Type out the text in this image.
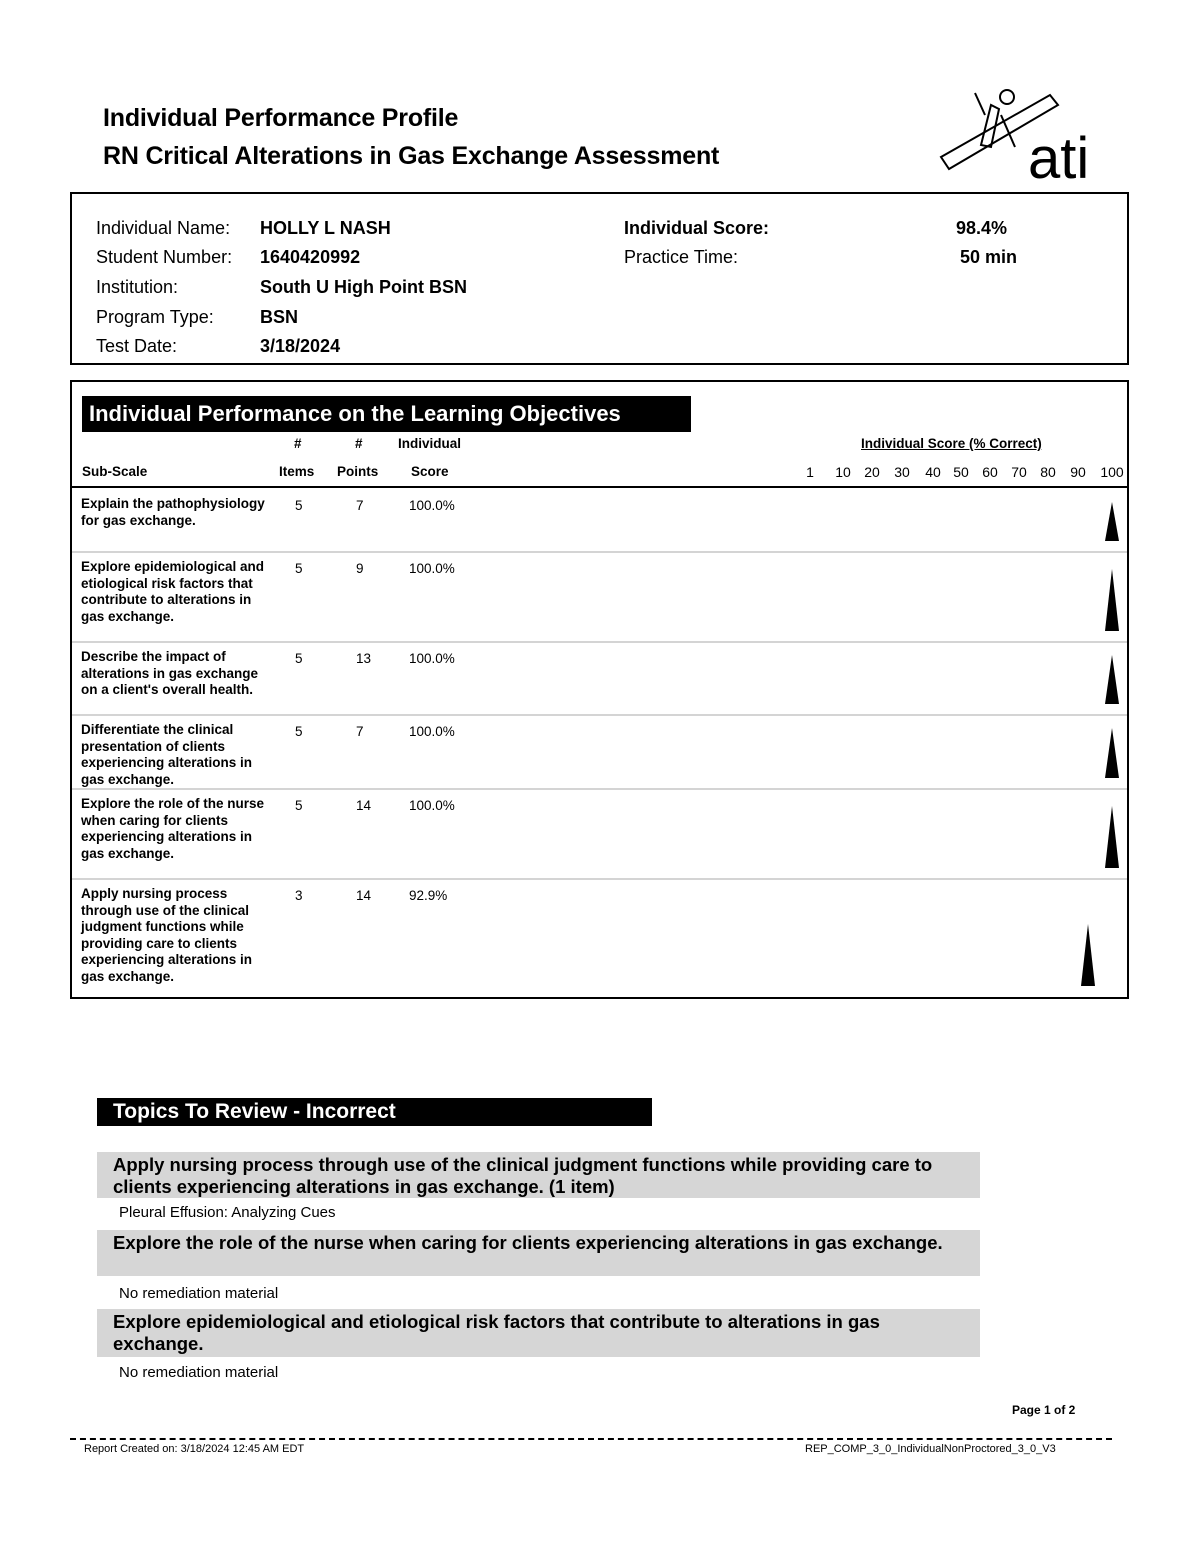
Individual Performance Profile
RN Critical Alterations in Gas Exchange Assessment	ati
Individual Name: HOLLY L NASH
Student Number: 1640420992
Institution:	South U High Point BSN
Program Type:	BSN
Test Date:	3/18/2024
Individual Score:	98.4%
Practice Time:	50 min
Individual Performance on the Learning Objectives
#	#	Individual
Sub-Scale	Items Points Score
Individual Score (% Correct)
1	10 20	30	40 50 60 70 80	90	100
Explain the pathophysiology for gas exchange.
5	7	100.0%
Explore epidemiological and etiological risk factors that contribute to alterations in gas exchange.
5	9	100.0%
Describe the impact of alterations in gas exchange on a client's overall health.
5	13	100.0%
Differentiate the clinical presentation of clients experiencing alterations in gas exchange.
5	7	100.0%
Explore the role of the nurse when caring for clients experiencing alterations in gas exchange.
5	14	100.0%
Apply nursing process through use of the clinical judgment functions while providing care to clients experiencing alterations in gas exchange.
3	14	92.9%
Topics To Review - Incorrect
Apply nursing process through use of the clinical judgment functions while providing care to clients experiencing alterations in gas exchange. (1 item)
Pleural Effusion: Analyzing Cues
Explore the role of the nurse when caring for clients experiencing alterations in gas exchange.
No remediation material
Explore epidemiological and etiological risk factors that contribute to alterations in gas exchange.
No remediation material
Page 1 of 2
Report Created on: 3/18/2024 12:45 AM EDT	REP_COMP_3_0_IndividualNonProctored_3_0_V3
